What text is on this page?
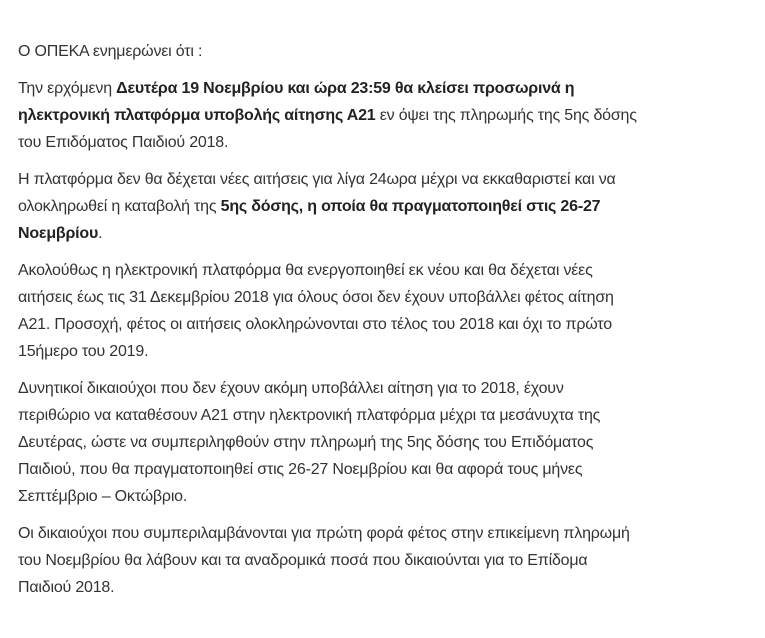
Ο ΟΠΕΚΑ ενημερώνει ότι :

Την ερχόμενη Δευτέρα 19 Νοεμβρίου και ώρα 23:59 θα κλείσει προσωρινά η
ηλεκτρονική πλατφόρμα υποβολής αίτησης Α21 εν όψει της πληρωμής της 5ης δόσης
του Επιδόματος Παιδιού 2018.

Η πλατφόρμα δεν θα δέχεται νέες αιτήσεις για λίγα 24ωρα μέχρι να εκκαθαριστεί και να
ολοκληρωθεί η καταβολή της 5ης δόσης, η οποία θα πραγματοποιηθεί στις 26-27
Νοεμβρίου.

Ακολούθως η ηλεκτρονική πλατφόρμα θα ενεργοποιηθεί εκ νέου και θα δέχεται νέες
αιτήσεις έως τις 31 Δεκεμβρίου 2018 για όλους όσοι δεν έχουν υποβάλλει φέτος αίτηση
Α21. Προσοχή, φέτος οι αιτήσεις ολοκληρώνονται στο τέλος του 2018 και όχι το πρώτο
15ήμερο του 2019.

Δυνητικοί δικαιούχοι που δεν έχουν ακόμη υποβάλλει αίτηση για το 2018, έχουν
περιθώριο να καταθέσουν Α21 στην ηλεκτρονική πλατφόρμα μέχρι τα μεσάνυχτα της
Δευτέρας, ώστε να συμπεριληφθούν στην πληρωμή της 5ης δόσης του Επιδόματος
Παιδιού, που θα πραγματοποιηθεί στις 26-27 Νοεμβρίου και θα αφορά τους μήνες
Σεπτέμβριο – Οκτώβριο.

Οι δικαιούχοι που συμπεριλαμβάνονται για πρώτη φορά φέτος στην επικείμενη πληρωμή
του Νοεμβρίου θα λάβουν και τα αναδρομικά ποσά που δικαιούνται για το Επίδομα
Παιδιού 2018.
